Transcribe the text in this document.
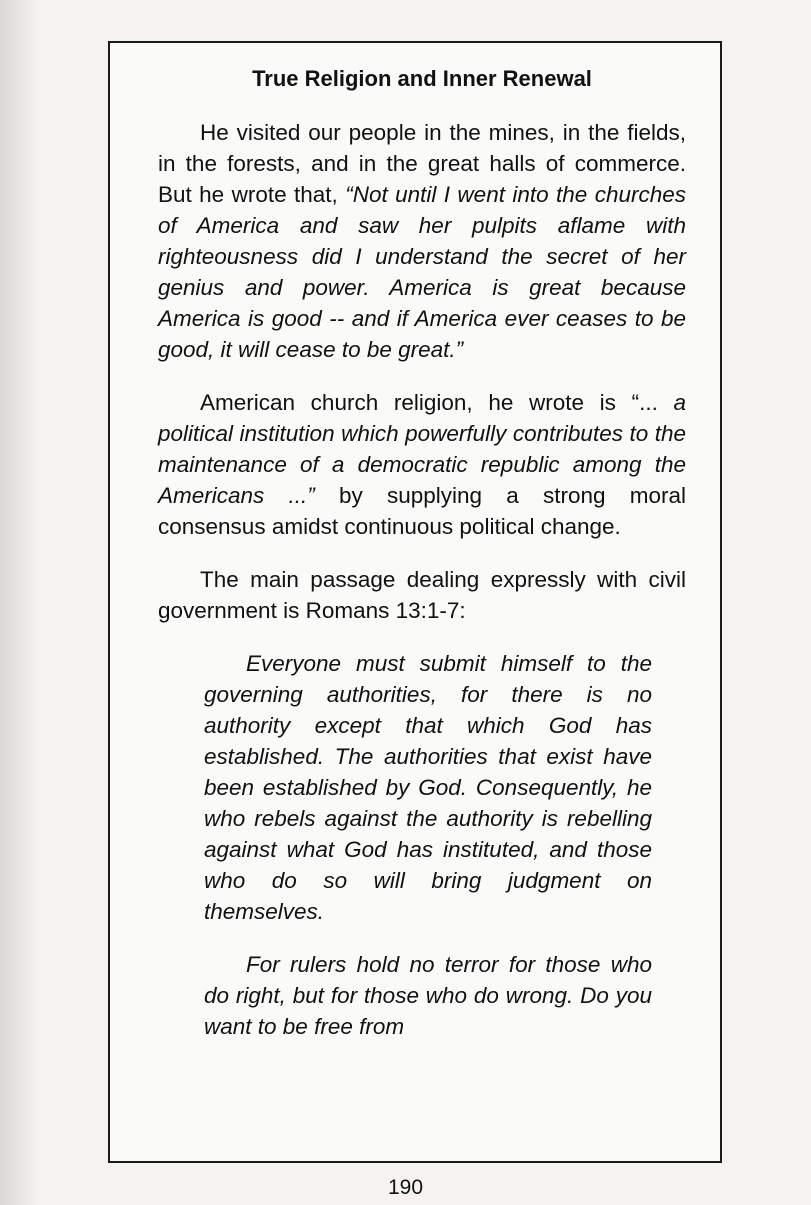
True Religion and Inner Renewal

He visited our people in the mines, in the fields, in the forests, and in the great halls of commerce. But he wrote that, “Not until I went into the churches of America and saw her pulpits aflame with righteousness did I understand the secret of her genius and power. America is great because America is good -- and if America ever ceases to be good, it will cease to be great.”

American church religion, he wrote is “... a political institution which powerfully contributes to the maintenance of a democratic republic among the Americans ...” by supplying a strong moral consensus amidst continuous political change.

The main passage dealing expressly with civil government is Romans 13:1-7:

Everyone must submit himself to the governing authorities, for there is no authority except that which God has established. The authorities that exist have been established by God. Consequently, he who rebels against the authority is rebelling against what God has instituted, and those who do so will bring judgment on themselves.

For rulers hold no terror for those who do right, but for those who do wrong. Do you want to be free from

190
